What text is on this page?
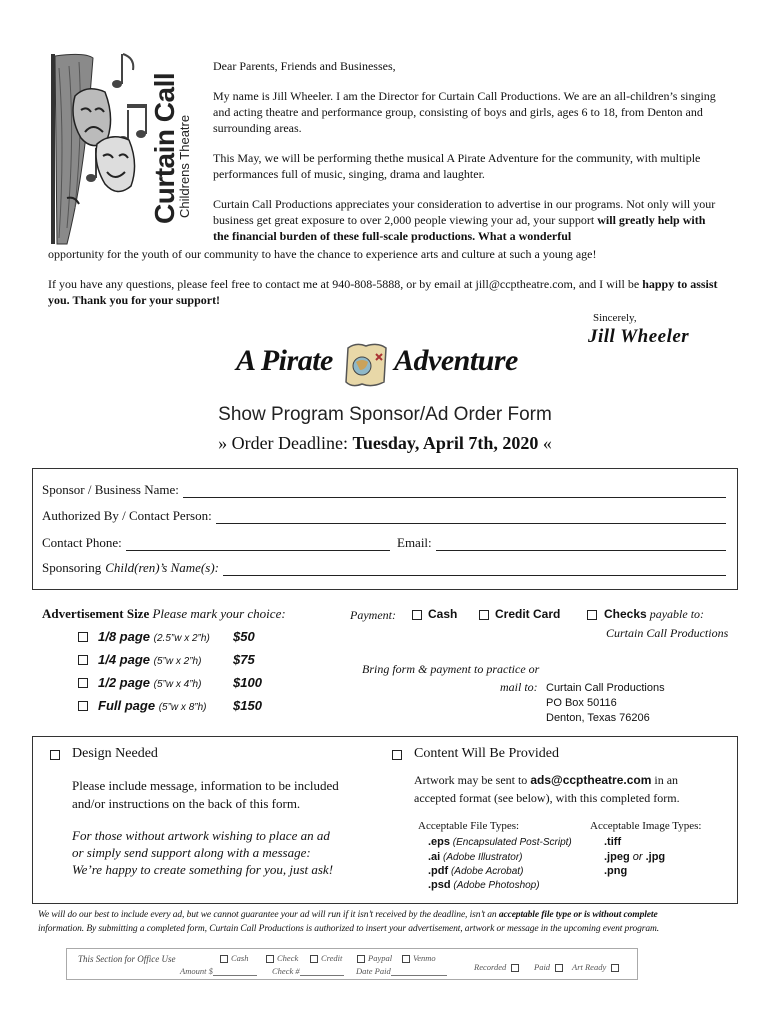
Curtain Call
Childrens Theatre
Dear Parents, Friends and Businesses,
My name is Jill Wheeler. I am the Director for Curtain Call Productions. We are an all-children’s singing and acting theatre and performance group, consisting of boys and girls, ages 6 to 18, from Denton and surrounding areas.
This May, we will be performing thethe musical A Pirate Adventure for the community, with multiple performances full of music, singing, drama and laughter.
Curtain Call Productions appreciates your consideration to advertise in our programs. Not only will your business get great exposure to over 2,000 people viewing your ad, your support will greatly help with the financial burden of these full-scale productions. What a wonderful
opportunity for the youth of our community to have the chance to experience arts and culture at such a young age!
If you have any questions, please feel free to contact me at 940-808-5888, or by email at jill@ccptheatre.com, and I will be happy to assist you. Thank you for your support!
Sincerely,
Jill Wheeler
A Pirate Adventure
Show Program Sponsor/Ad Order Form
» Order Deadline: Tuesday, April 7th, 2020 «
Sponsor / Business Name:
Authorized By / Contact Person:
Contact Phone:	Email:
Sponsoring Child(ren)’s Name(s):
Advertisement Size Please mark your choice:
1/8 page (2.5”w x 2”h) $50
1/4 page (5”w x 2”h) $75
1/2 page (5”w x 4”h) $100
Full page (5”w x 8”h) $150
Payment:	Cash	Credit Card	Checks payable to:
Curtain Call Productions
Bring form & payment to practice or
mail to: Curtain Call Productions
PO Box 50116
Denton, Texas 76206
Design Needed
Please include message, information to be included
and/or instructions on the back of this form.
For those without artwork wishing to place an ad
or simply send support along with a message:
We’re happy to create something for you, just ask!
Content Will Be Provided
Artwork may be sent to ads@ccptheatre.com in an
accepted format (see below), with this completed form.
Acceptable File Types:
.eps (Encapsulated Post-Script)
.ai (Adobe Illustrator)
.pdf (Adobe Acrobat)
.psd (Adobe Photoshop)
Acceptable Image Types:
.tiff
.jpeg or .jpg
.png
We will do our best to include every ad, but we cannot guarantee your ad will run if it isn’t received by the deadline, isn’t an acceptable file type or is without complete
information. By submitting a completed form, Curtain Call Productions is authorized to insert your advertisement, artwork or message in the upcoming event program.
This Section for Office Use	Cash	Check	Credit	Paypal	Venmo
Amount $	Check #	Date Paid	Recorded	Paid	Art Ready
